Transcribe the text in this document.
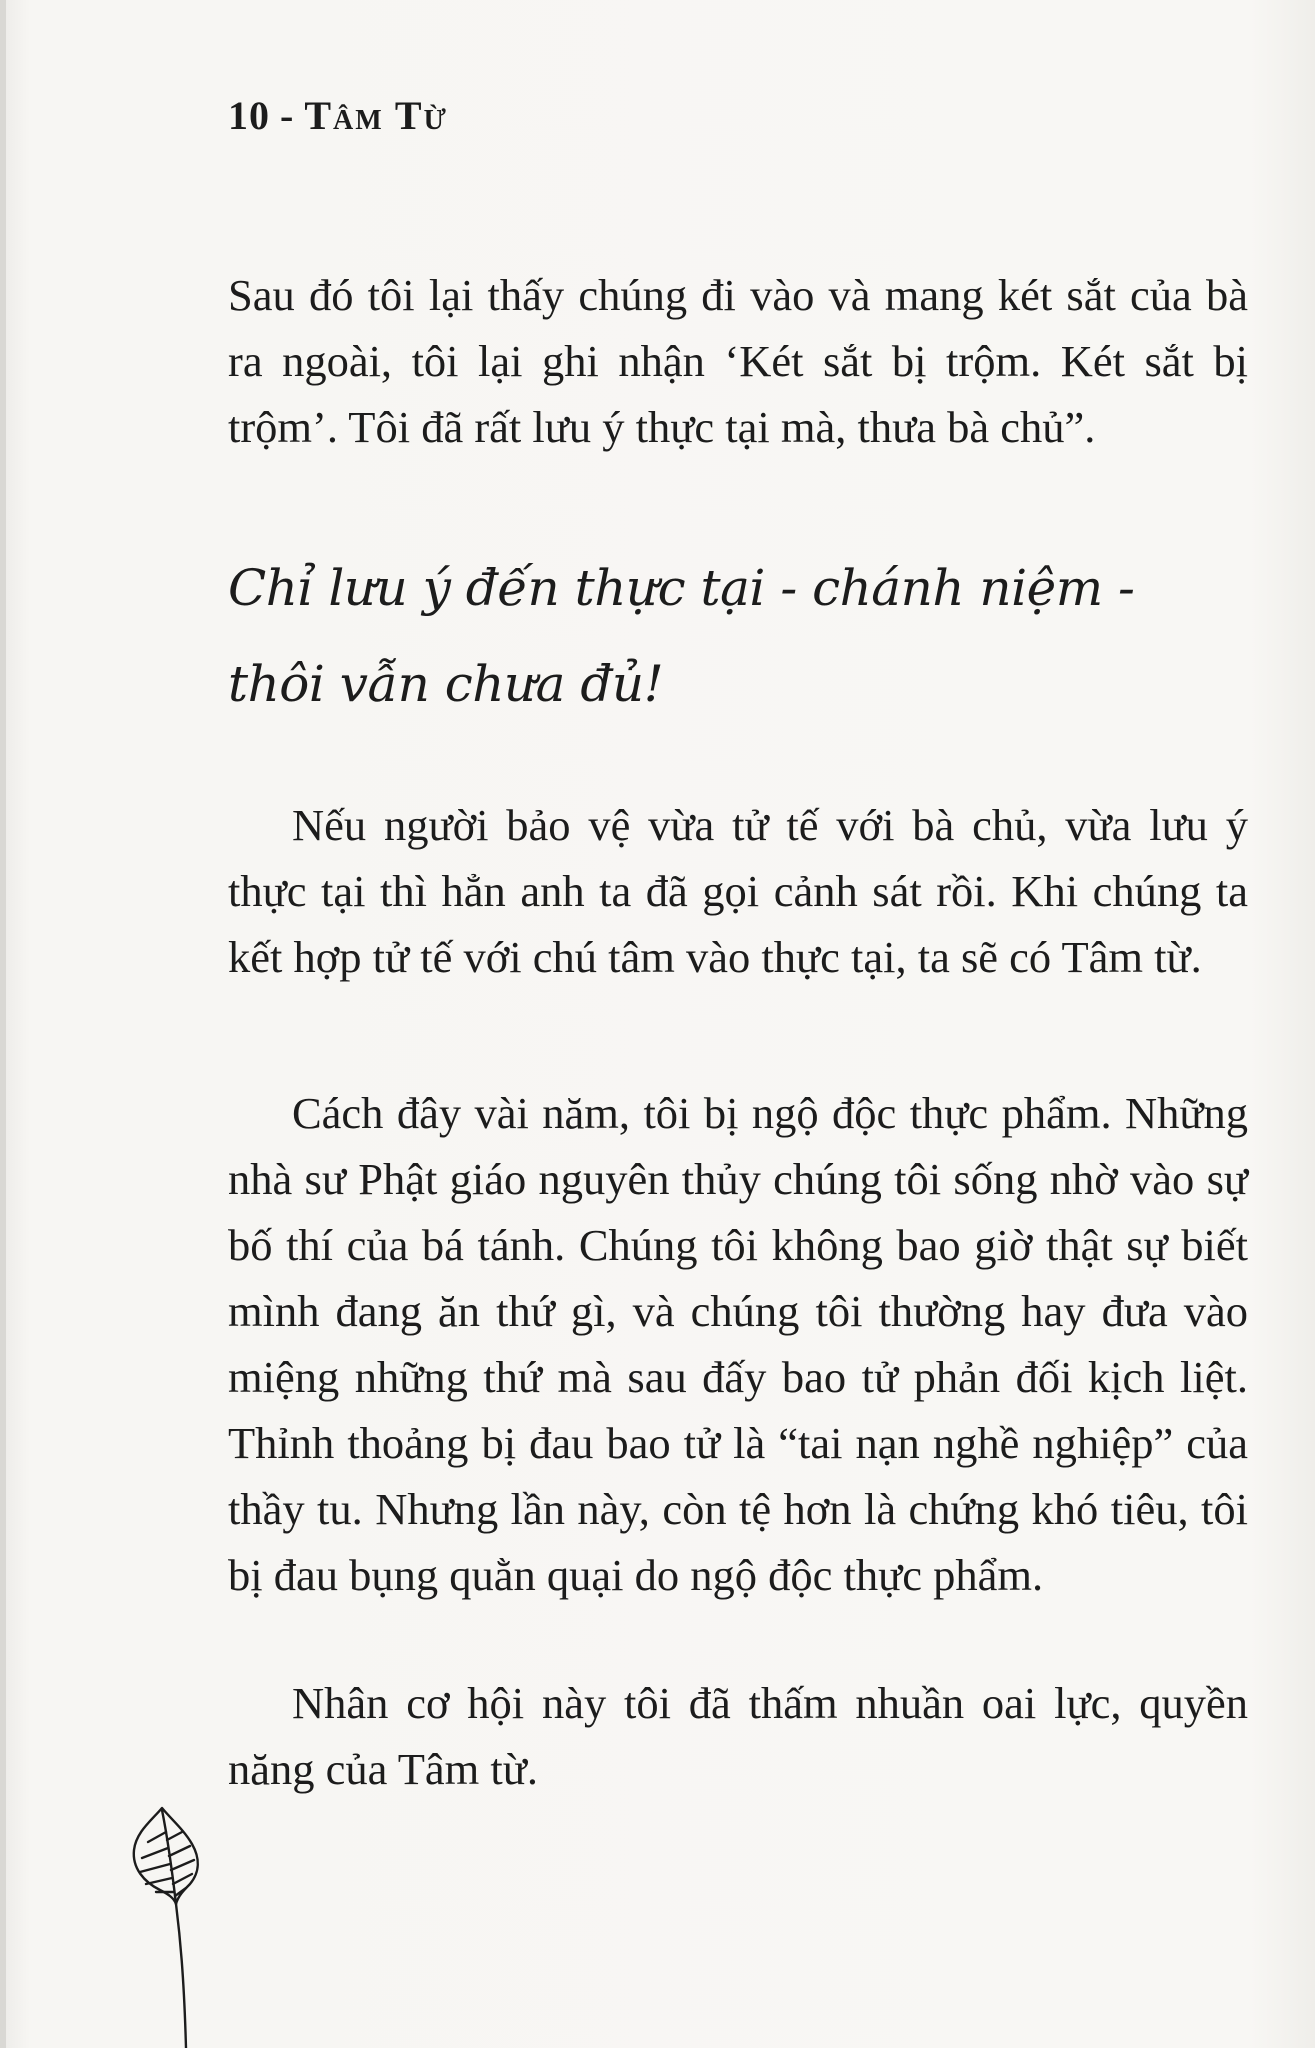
10 - Tâm Từ

Sau đó tôi lại thấy chúng đi vào và mang két sắt của bà ra ngoài, tôi lại ghi nhận ‘Két sắt bị trộm. Két sắt bị trộm’. Tôi đã rất lưu ý thực tại mà, thưa bà chủ”.

Chỉ lưu ý đến thực tại - chánh niệm -
thôi vẫn chưa đủ!

Nếu người bảo vệ vừa tử tế với bà chủ, vừa lưu ý thực tại thì hẳn anh ta đã gọi cảnh sát rồi. Khi chúng ta kết hợp tử tế với chú tâm vào thực tại, ta sẽ có Tâm từ.

Cách đây vài năm, tôi bị ngộ độc thực phẩm. Những nhà sư Phật giáo nguyên thủy chúng tôi sống nhờ vào sự bố thí của bá tánh. Chúng tôi không bao giờ thật sự biết mình đang ăn thứ gì, và chúng tôi thường hay đưa vào miệng những thứ mà sau đấy bao tử phản đối kịch liệt. Thỉnh thoảng bị đau bao tử là “tai nạn nghề nghiệp” của thầy tu. Nhưng lần này, còn tệ hơn là chứng khó tiêu, tôi bị đau bụng quằn quại do ngộ độc thực phẩm.

Nhân cơ hội này tôi đã thấm nhuần oai lực, quyền năng của Tâm từ.
